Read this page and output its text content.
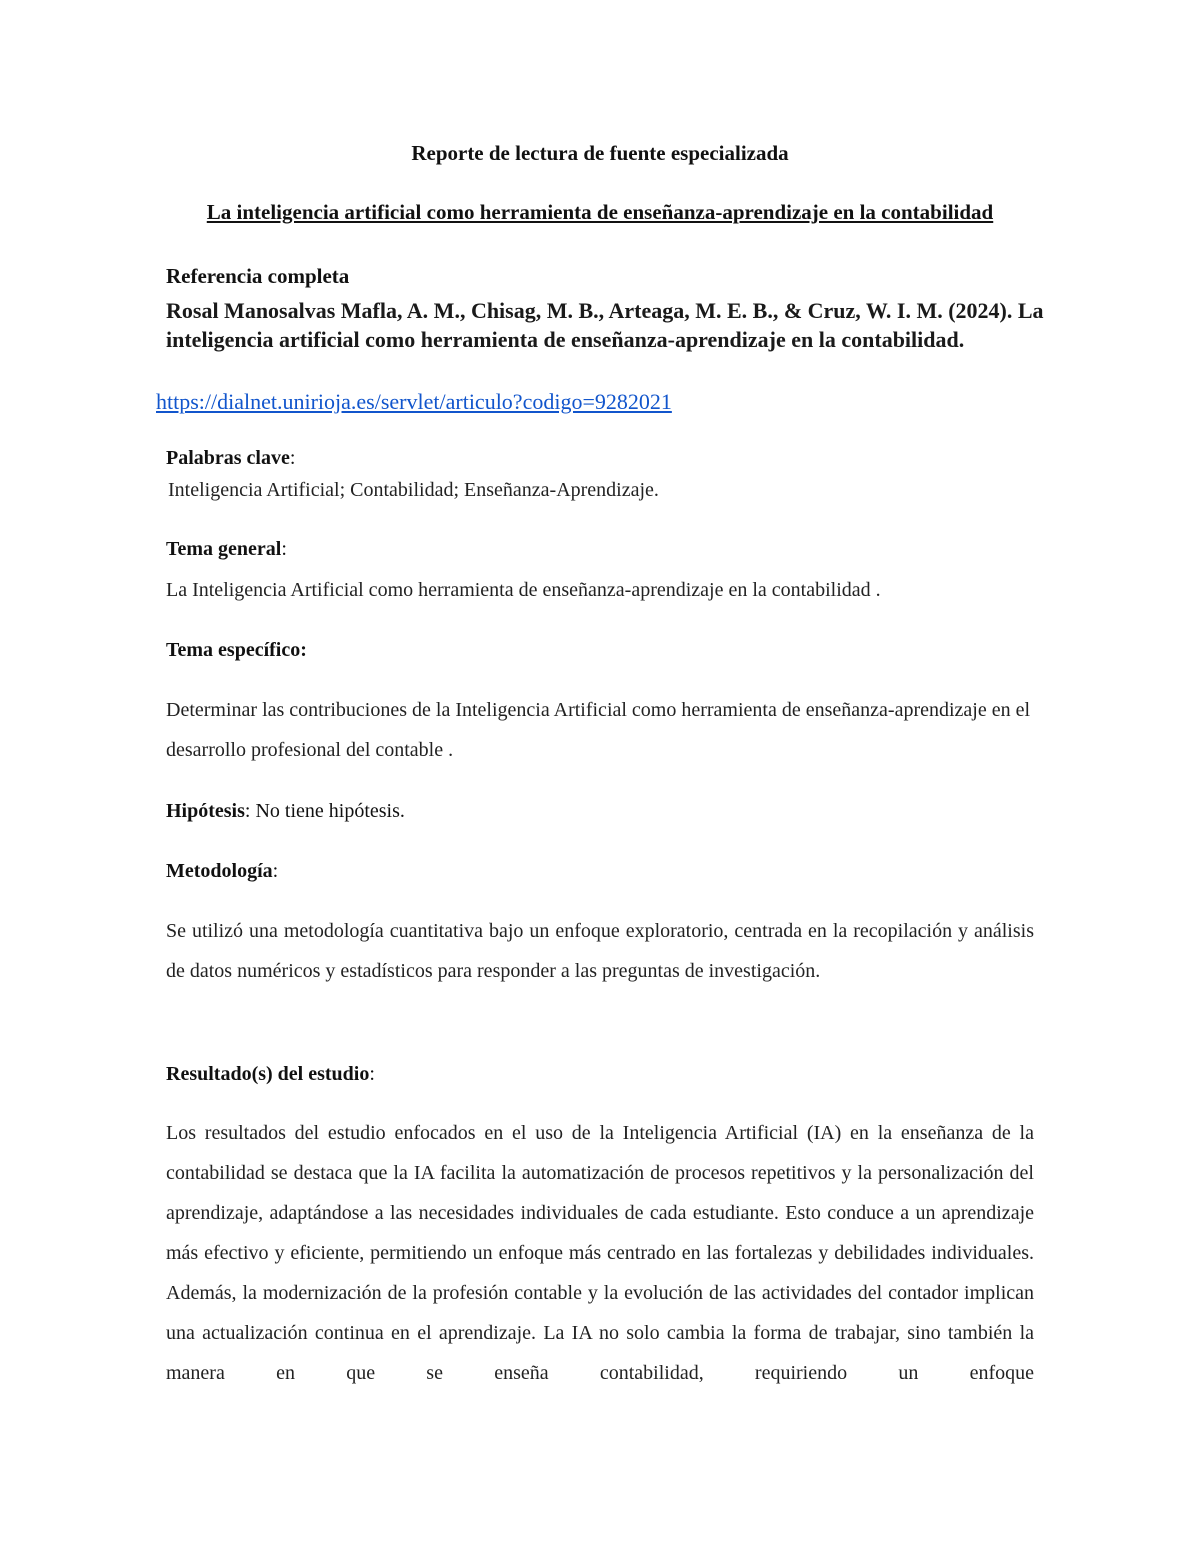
Reporte de lectura de fuente especializada
La inteligencia artificial como herramienta de enseñanza-aprendizaje en la contabilidad
Referencia completa
Rosal Manosalvas Mafla, A. M., Chisag, M. B., Arteaga, M. E. B., & Cruz, W. I. M. (2024). La inteligencia artificial como herramienta de enseñanza-aprendizaje en la contabilidad.
https://dialnet.unirioja.es/servlet/articulo?codigo=9282021
Palabras clave:
Inteligencia Artificial; Contabilidad; Enseñanza-Aprendizaje.
Tema general:
La Inteligencia Artificial como herramienta de enseñanza-aprendizaje en la contabilidad .
Tema específico:
Determinar las contribuciones de la Inteligencia Artificial como herramienta de enseñanza-aprendizaje en el desarrollo profesional del contable .
Hipótesis: No tiene hipótesis.
Metodología:
Se utilizó una metodología cuantitativa bajo un enfoque exploratorio, centrada en la recopilación y análisis de datos numéricos y estadísticos para responder a las preguntas de investigación.
Resultado(s) del estudio:
Los resultados del estudio enfocados en el uso de la Inteligencia Artificial (IA) en la enseñanza de la contabilidad se destaca que la IA facilita la automatización de procesos repetitivos y la personalización del aprendizaje, adaptándose a las necesidades individuales de cada estudiante. Esto conduce a un aprendizaje más efectivo y eficiente, permitiendo un enfoque más centrado en las fortalezas y debilidades individuales. Además, la modernización de la profesión contable y la evolución de las actividades del contador implican una actualización continua en el aprendizaje. La IA no solo cambia la forma de trabajar, sino también la manera en que se enseña contabilidad, requiriendo un enfoque
